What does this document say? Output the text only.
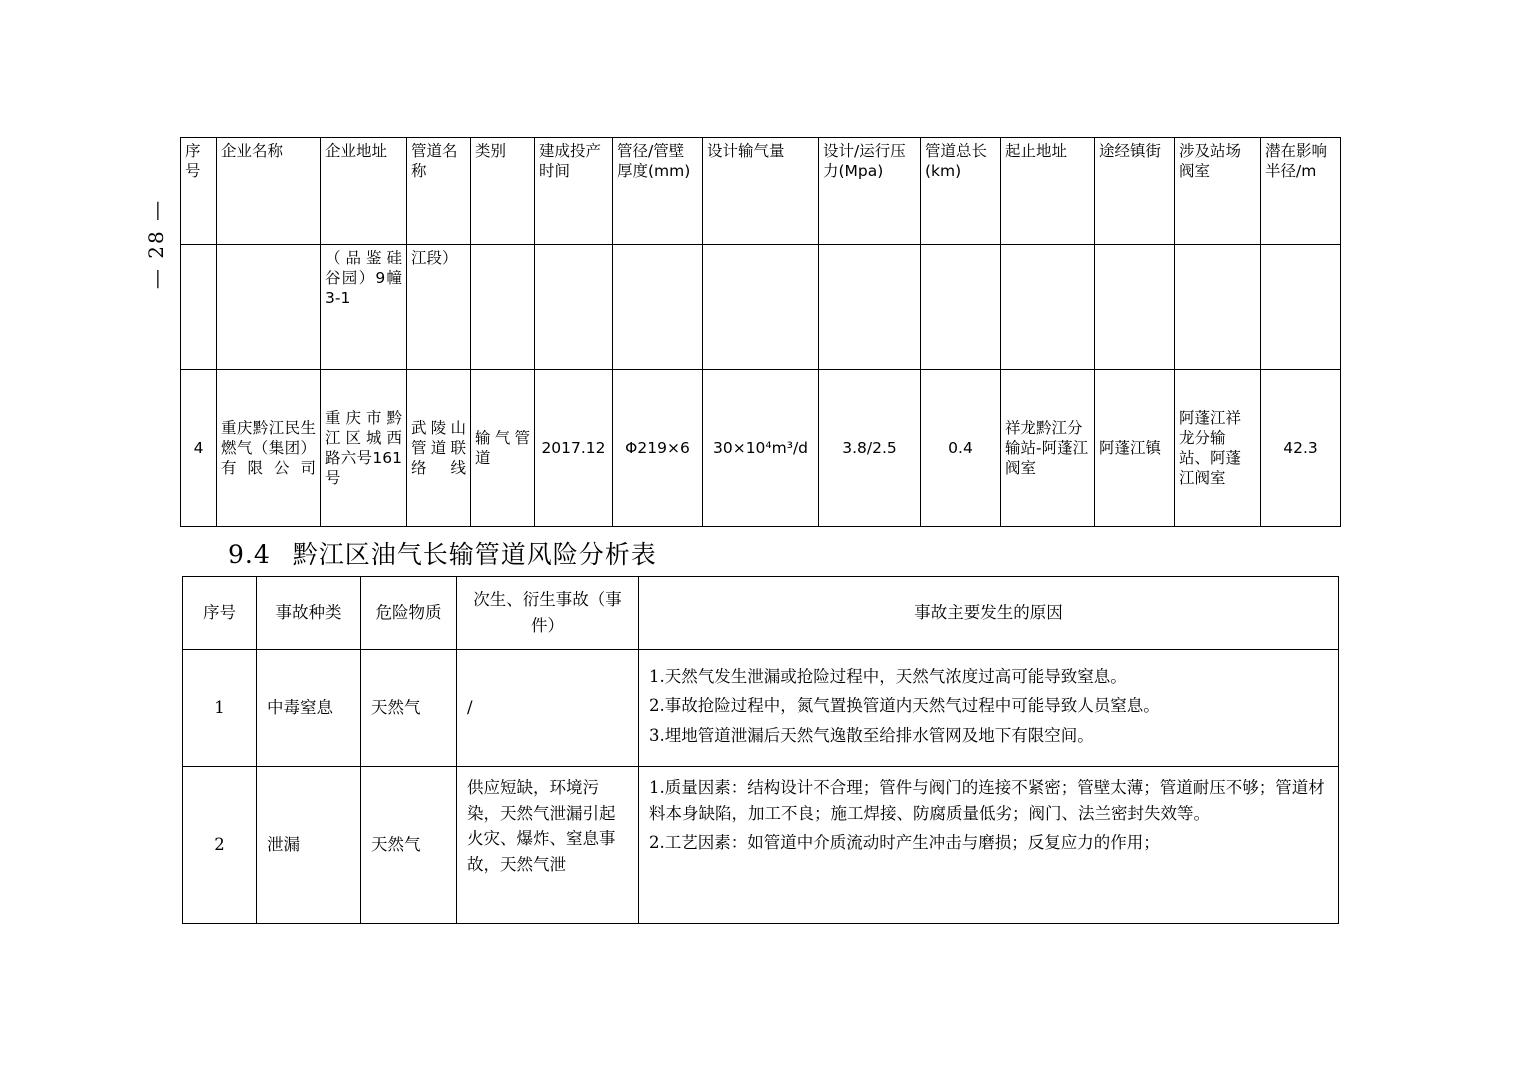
— 28 —
序号	企业名称	企业地址	管道名称	类别	建成投产时间	管径/管壁厚度(mm)	设计输气量	设计/运行压力(Mpa)	管道总长(km)	起止地址	途经镇街	涉及站场阀室	潜在影响半径/m
		（品鉴硅谷园）9幢3-1	江段）										
4	重庆黔江民生燃气（集团）有限公司	重庆市黔江区城西路六号161号	武陵山管道联络线	输气管道	2017.12	Φ219×6	30×10⁴m³/d	3.8/2.5	0.4	祥龙黔江分输站-阿蓬江阀室	阿蓬江镇	阿蓬江祥龙分输站、阿蓬江阀室	42.3
9.4 黔江区油气长输管道风险分析表
序号	事故种类	危险物质	次生、衍生事故（事件）	事故主要发生的原因
1	中毒窒息	天然气	/	1.天然气发生泄漏或抢险过程中，天然气浓度过高可能导致窒息。

2.事故抢险过程中，氮气置换管道内天然气过程中可能导致人员窒息。

3.埋地管道泄漏后天然气逸散至给排水管网及地下有限空间。

2	泄漏	天然气	供应短缺，环境污染，天然气泄漏引起火灾、爆炸、窒息事故，天然气泄	1.质量因素：结构设计不合理；管件与阀门的连接不紧密；管壁太薄；管道耐压不够；管道材料本身缺陷，加工不良；施工焊接、防腐质量低劣；阀门、法兰密封失效等。

2.工艺因素：如管道中介质流动时产生冲击与磨损；反复应力的作用；
